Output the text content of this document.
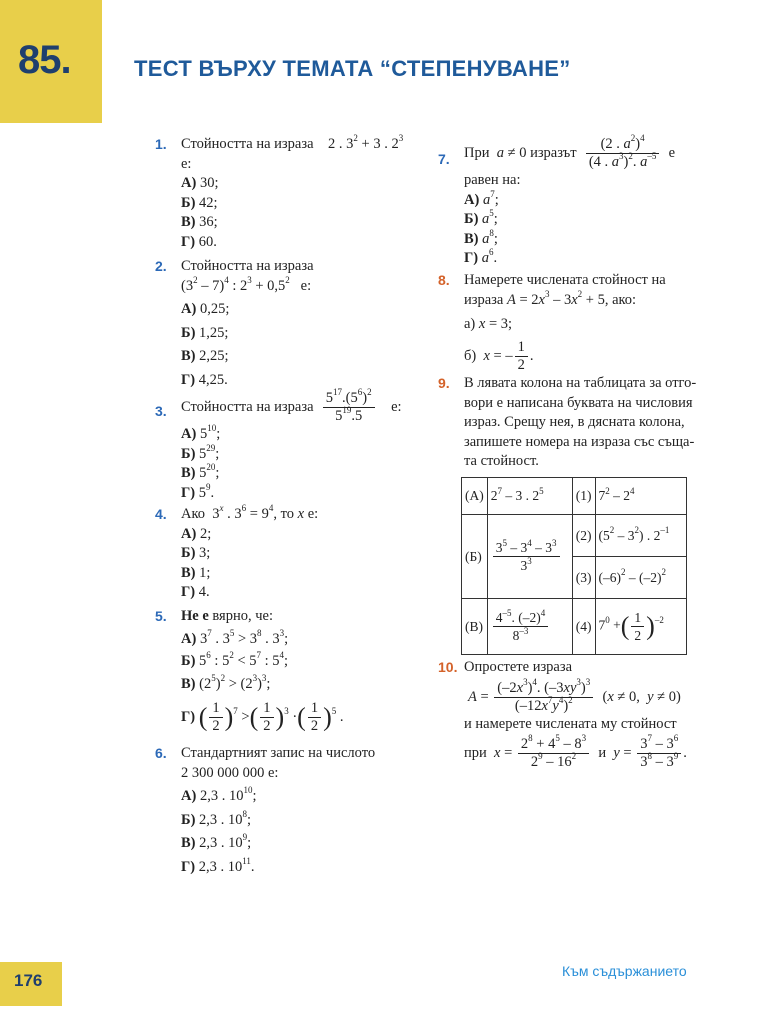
85.	ТЕСТ ВЪРХУ ТЕМАТА “СТЕПЕНУВАНЕ”
1. Стойността на израза    2 . $3^2 + 3$ . $2^3$
е:
А) 30;
Б) 42;
В) 36;
Г) 60.
2. Стойността на израза
$(3^2 - 7)^4$ : $2^3 + 0,5^2$ е:
А) 0,25;
Б) 1,25;
В) 2,25;
Г) 4,25.
3. Стойността на израза $\frac{5^{17}.(5^6)^2}{5^{19}.5} е$:
А) $5^{10}$;
Б) $5^{29}$;
В) $5^{20}$;
Г) $5^9$.
4. Ако  3$^x$ . $3^6 = 9^4$, то x е:
А) 2;
Б) 3;
В) 1;
Г) 4.
5. Не е вярно, че:
А) $3^7$ . $3^5 > 3^8$ . $3^3$;
Б) $5^6$ : $5^2 < 5^7$ : $5^4$;
В) $(2^5)^2 > (2^3)^3$;
Г) ( $\frac{1}{2} )^7$ >( $\frac{1}{2} )^3$ ·( $\frac{1}{2} )^5$ .
6. Стандартният запис на числото
2 300 000 000 е:
А) 2,3 . $10^{10}$;
Б) 2,3 . $10^8$;
В) 2,3 . $10^9$;
Г) 2,3 . $10^{11}$.
7. При  a ≠ 0 изразът $\frac{(2 . a^2)^4}{(4 . a^3)^2. a^{-5}}$ е
равен на:
А) $a^7$;
Б) $a^5$;
В) $a^8$;
Г) $a^6$.
8. Намерете числената стойност на
израза $A = 2x^3 - 3x^2 + 5$, ако:
а) x = 3;
б)  x = – $\frac{1}{2}$ .
9. В лявата колона на таблицата за отго-
вори е написана буквата на числовия
израз. Срещу нея, в дясната колона,
запишете номера на израза със съща-
та стойност.
(А)	$2^7 - 3$ . $2^5$	(1)	$7^2 - 2^4$
(Б)	$\frac{3^5 - 3^4 - 3^3}{3^3}$	(2)	$(5^2 - 3^2)$ . $2^{-1}$
		(3)	$(-6)^2 - (-2)^2$
(В)	$\frac{4^{-5}. (-2)^4}{8^{-3}}$	(4)	$7^0$ +( $\frac{1}{2} )^{-2}$
10. Опростете израза
$A = \frac{(-2x^3)^4. (-3xy^3)^3}{(-12x^7y^4)^2} (x \ne 0$,  y ≠ 0)
и намерете числената му стойност
при $x = \frac{2^8 + 4^5 - 8^3}{2^9 - 16^2}$ и $y = \frac{3^7 - 3^6}{3^8 - 3^9}$ .
176	Към съдържанието
